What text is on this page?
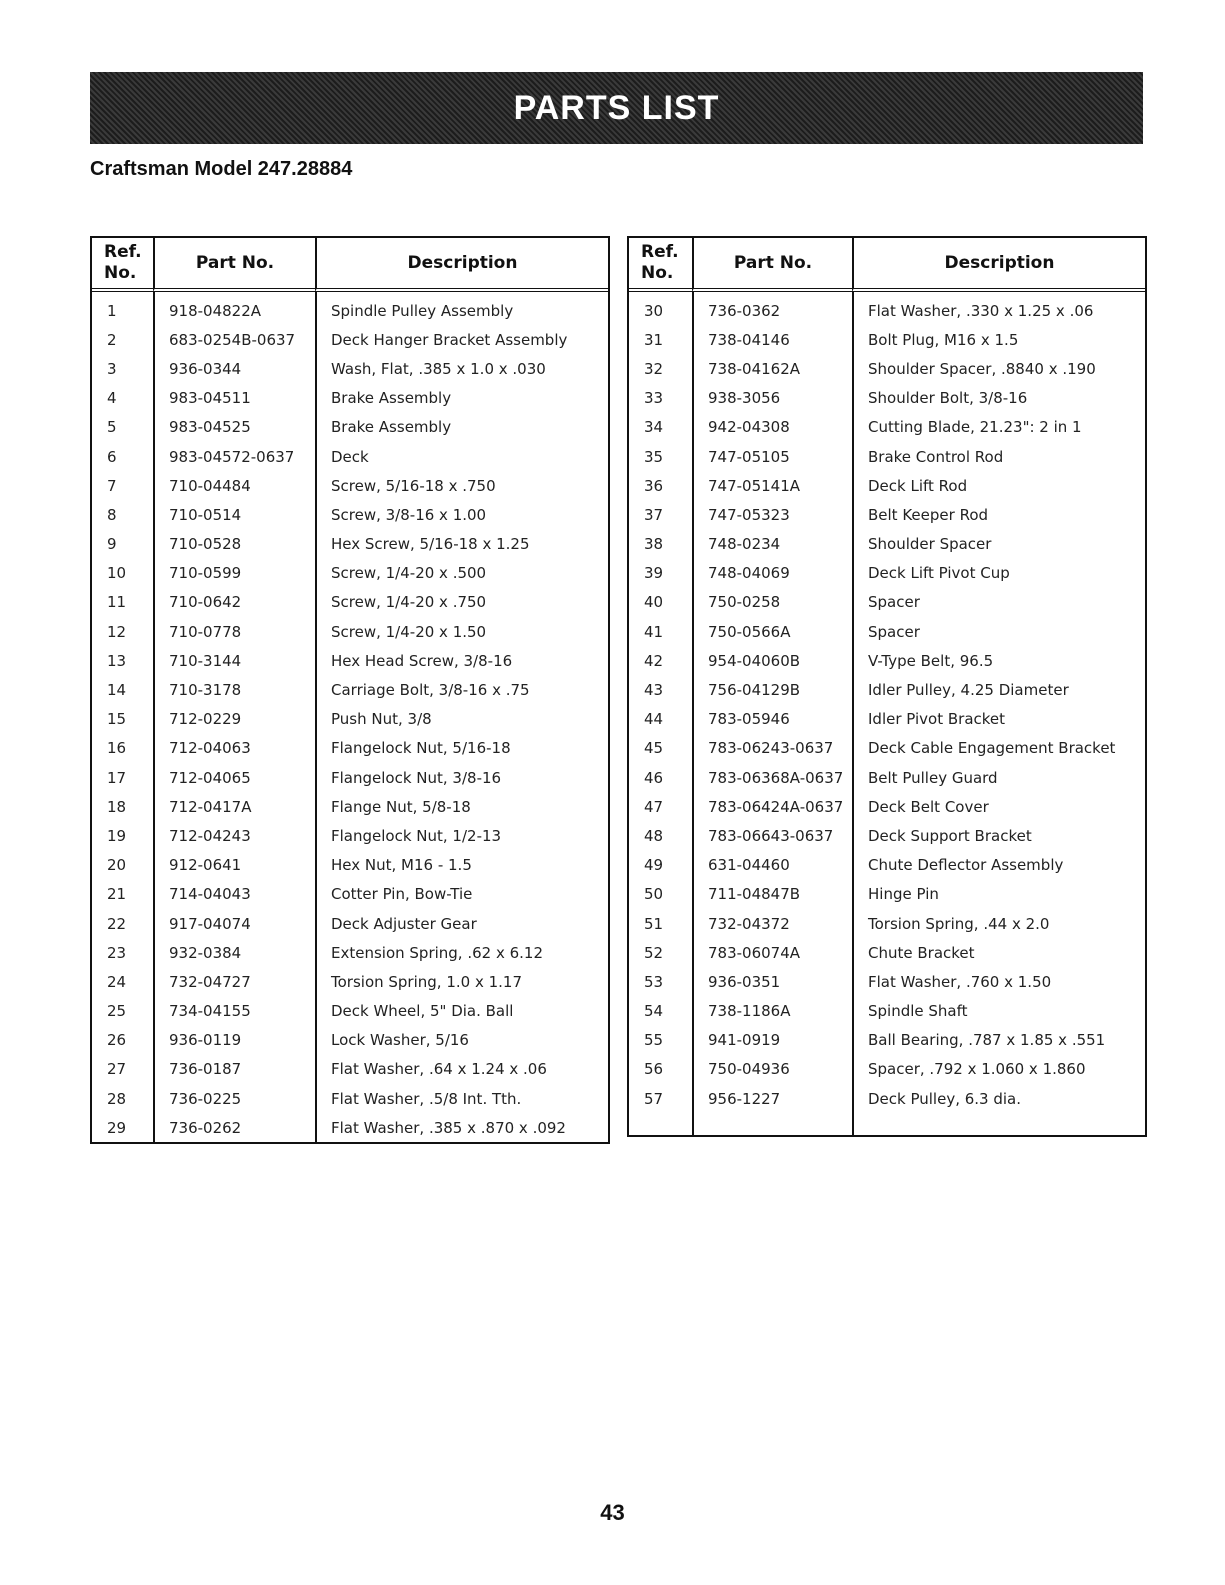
PARTS LIST
Craftsman Model 247.28884
Ref.
No.	Part No.	Description
1	918-04822A	Spindle Pulley Assembly
2	683-0254B-0637	Deck Hanger Bracket Assembly
3	936-0344	Wash, Flat, .385 x 1.0 x .030
4	983-04511	Brake Assembly
5	983-04525	Brake Assembly
6	983-04572-0637	Deck
7	710-04484	Screw, 5/16-18 x .750
8	710-0514	Screw, 3/8-16 x 1.00
9	710-0528	Hex Screw, 5/16-18 x 1.25
10	710-0599	Screw, 1/4-20 x .500
11	710-0642	Screw, 1/4-20 x .750
12	710-0778	Screw, 1/4-20 x 1.50
13	710-3144	Hex Head Screw, 3/8-16
14	710-3178	Carriage Bolt, 3/8-16 x .75
15	712-0229	Push Nut, 3/8
16	712-04063	Flangelock Nut, 5/16-18
17	712-04065	Flangelock Nut, 3/8-16
18	712-0417A	Flange Nut, 5/8-18
19	712-04243	Flangelock Nut, 1/2-13
20	912-0641	Hex Nut, M16 - 1.5
21	714-04043	Cotter Pin, Bow-Tie
22	917-04074	Deck Adjuster Gear
23	932-0384	Extension Spring, .62 x 6.12
24	732-04727	Torsion Spring, 1.0 x 1.17
25	734-04155	Deck Wheel, 5" Dia. Ball
26	936-0119	Lock Washer, 5/16
27	736-0187	Flat Washer, .64 x 1.24 x .06
28	736-0225	Flat Washer, .5/8 Int. Tth.
29	736-0262	Flat Washer, .385 x .870 x .092
Ref.
No.	Part No.	Description
30	736-0362	Flat Washer, .330 x 1.25 x .06
31	738-04146	Bolt Plug, M16 x 1.5
32	738-04162A	Shoulder Spacer, .8840 x .190
33	938-3056	Shoulder Bolt, 3/8-16
34	942-04308	Cutting Blade, 21.23": 2 in 1
35	747-05105	Brake Control Rod
36	747-05141A	Deck Lift Rod
37	747-05323	Belt Keeper Rod
38	748-0234	Shoulder Spacer
39	748-04069	Deck Lift Pivot Cup
40	750-0258	Spacer
41	750-0566A	Spacer
42	954-04060B	V-Type Belt, 96.5
43	756-04129B	Idler Pulley, 4.25 Diameter
44	783-05946	Idler Pivot Bracket
45	783-06243-0637	Deck Cable Engagement Bracket
46	783-06368A-0637	Belt Pulley Guard
47	783-06424A-0637	Deck Belt Cover
48	783-06643-0637	Deck Support Bracket
49	631-04460	Chute Deflector Assembly
50	711-04847B	Hinge Pin
51	732-04372	Torsion Spring, .44 x 2.0
52	783-06074A	Chute Bracket
53	936-0351	Flat Washer, .760 x 1.50
54	738-1186A	Spindle Shaft
55	941-0919	Ball Bearing, .787 x 1.85 x .551
56	750-04936	Spacer, .792 x 1.060 x 1.860
57	956-1227	Deck Pulley, 6.3 dia.

43
